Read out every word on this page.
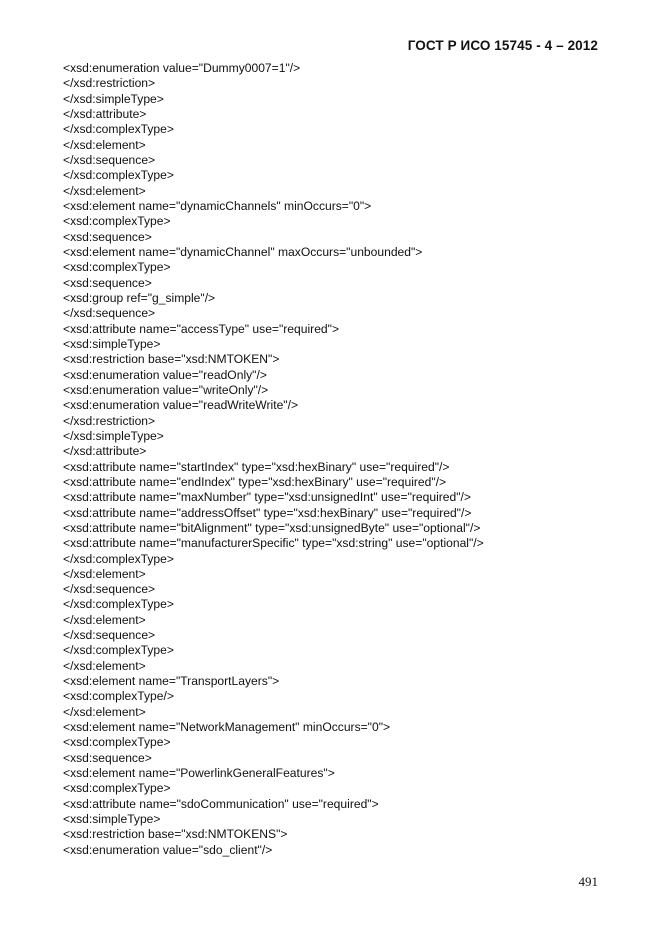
ГОСТ Р ИСО 15745 - 4 – 2012
<xsd:enumeration value="Dummy0007=1"/>
</xsd:restriction>
</xsd:simpleType>
</xsd:attribute>
</xsd:complexType>
</xsd:element>
</xsd:sequence>
</xsd:complexType>
</xsd:element>
<xsd:element name="dynamicChannels" minOccurs="0">
<xsd:complexType>
<xsd:sequence>
<xsd:element name="dynamicChannel" maxOccurs="unbounded">
<xsd:complexType>
<xsd:sequence>
<xsd:group ref="g_simple"/>
</xsd:sequence>
<xsd:attribute name="accessType" use="required">
<xsd:simpleType>
<xsd:restriction base="xsd:NMTOKEN">
<xsd:enumeration value="readOnly"/>
<xsd:enumeration value="writeOnly"/>
<xsd:enumeration value="readWriteWrite"/>
</xsd:restriction>
</xsd:simpleType>
</xsd:attribute>
<xsd:attribute name="startIndex" type="xsd:hexBinary" use="required"/>
<xsd:attribute name="endIndex" type="xsd:hexBinary" use="required"/>
<xsd:attribute name="maxNumber" type="xsd:unsignedInt" use="required"/>
<xsd:attribute name="addressOffset" type="xsd:hexBinary" use="required"/>
<xsd:attribute name="bitAlignment" type="xsd:unsignedByte" use="optional"/>
<xsd:attribute name="manufacturerSpecific" type="xsd:string" use="optional"/>
</xsd:complexType>
</xsd:element>
</xsd:sequence>
</xsd:complexType>
</xsd:element>
</xsd:sequence>
</xsd:complexType>
</xsd:element>
<xsd:element name="TransportLayers">
<xsd:complexType/>
</xsd:element>
<xsd:element name="NetworkManagement" minOccurs="0">
<xsd:complexType>
<xsd:sequence>
<xsd:element name="PowerlinkGeneralFeatures">
<xsd:complexType>
<xsd:attribute name="sdoCommunication" use="required">
<xsd:simpleType>
<xsd:restriction base="xsd:NMTOKENS">
<xsd:enumeration value="sdo_client"/>
491
